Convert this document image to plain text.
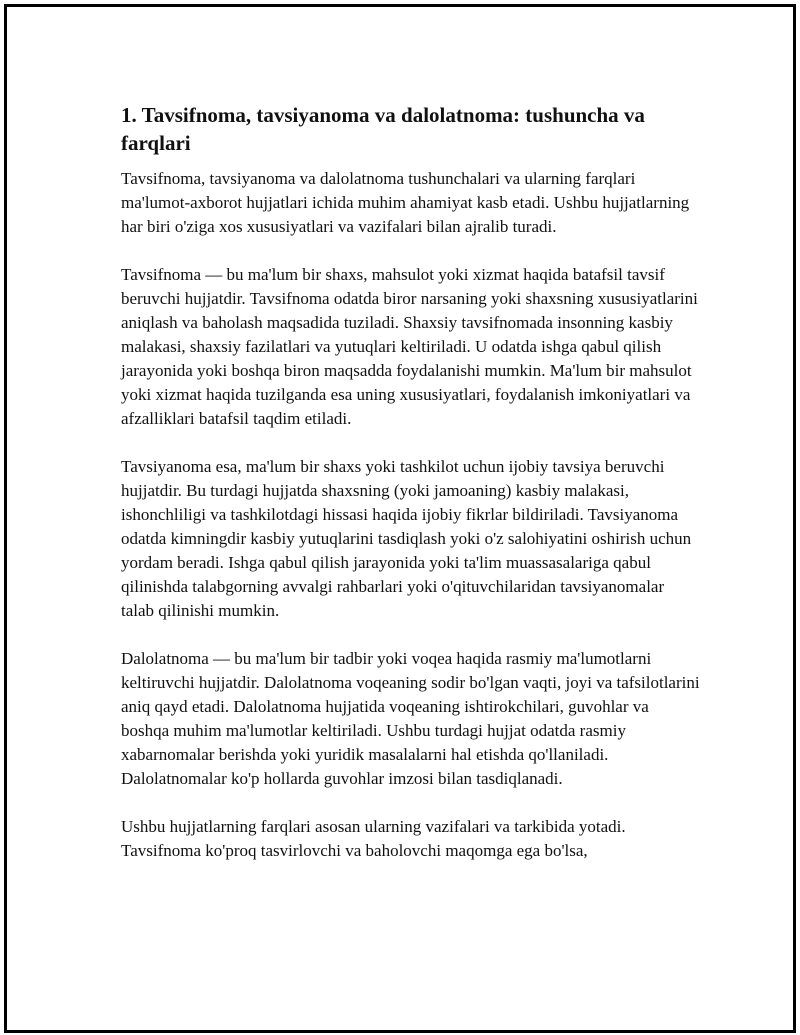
1. Tavsifnoma, tavsiyanoma va dalolatnoma: tushuncha va farqlari

Tavsifnoma, tavsiyanoma va dalolatnoma tushunchalari va ularning farqlari ma'lumot-axborot hujjatlari ichida muhim ahamiyat kasb etadi. Ushbu hujjatlarning har biri o'ziga xos xususiyatlari va vazifalari bilan ajralib turadi.

Tavsifnoma — bu ma'lum bir shaxs, mahsulot yoki xizmat haqida batafsil tavsif beruvchi hujjatdir. Tavsifnoma odatda biror narsaning yoki shaxsning xususiyatlarini aniqlash va baholash maqsadida tuziladi. Shaxsiy tavsifnomada insonning kasbiy malakasi, shaxsiy fazilatlari va yutuqlari keltiriladi. U odatda ishga qabul qilish jarayonida yoki boshqa biron maqsadda foydalanishi mumkin. Ma'lum bir mahsulot yoki xizmat haqida tuzilganda esa uning xususiyatlari, foydalanish imkoniyatlari va afzalliklari batafsil taqdim etiladi.

Tavsiyanoma esa, ma'lum bir shaxs yoki tashkilot uchun ijobiy tavsiya beruvchi hujjatdir. Bu turdagi hujjatda shaxsning (yoki jamoaning) kasbiy malakasi, ishonchliligi va tashkilotdagi hissasi haqida ijobiy fikrlar bildiriladi. Tavsiyanoma odatda kimningdir kasbiy yutuqlarini tasdiqlash yoki o'z salohiyatini oshirish uchun yordam beradi. Ishga qabul qilish jarayonida yoki ta'lim muassasalariga qabul qilinishda talabgorning avvalgi rahbarlari yoki o'qituvchilaridan tavsiyanomalar talab qilinishi mumkin.

Dalolatnoma — bu ma'lum bir tadbir yoki voqea haqida rasmiy ma'lumotlarni keltiruvchi hujjatdir. Dalolatnoma voqeaning sodir bo'lgan vaqti, joyi va tafsilotlarini aniq qayd etadi. Dalolatnoma hujjatida voqeaning ishtirokchilari, guvohlar va boshqa muhim ma'lumotlar keltiriladi. Ushbu turdagi hujjat odatda rasmiy xabarnomalar berishda yoki yuridik masalalarni hal etishda qo'llaniladi. Dalolatnomalar ko'p hollarda guvohlar imzosi bilan tasdiqlanadi.

Ushbu hujjatlarning farqlari asosan ularning vazifalari va tarkibida yotadi. Tavsifnoma ko'proq tasvirlovchi va baholovchi maqomga ega bo'lsa,
